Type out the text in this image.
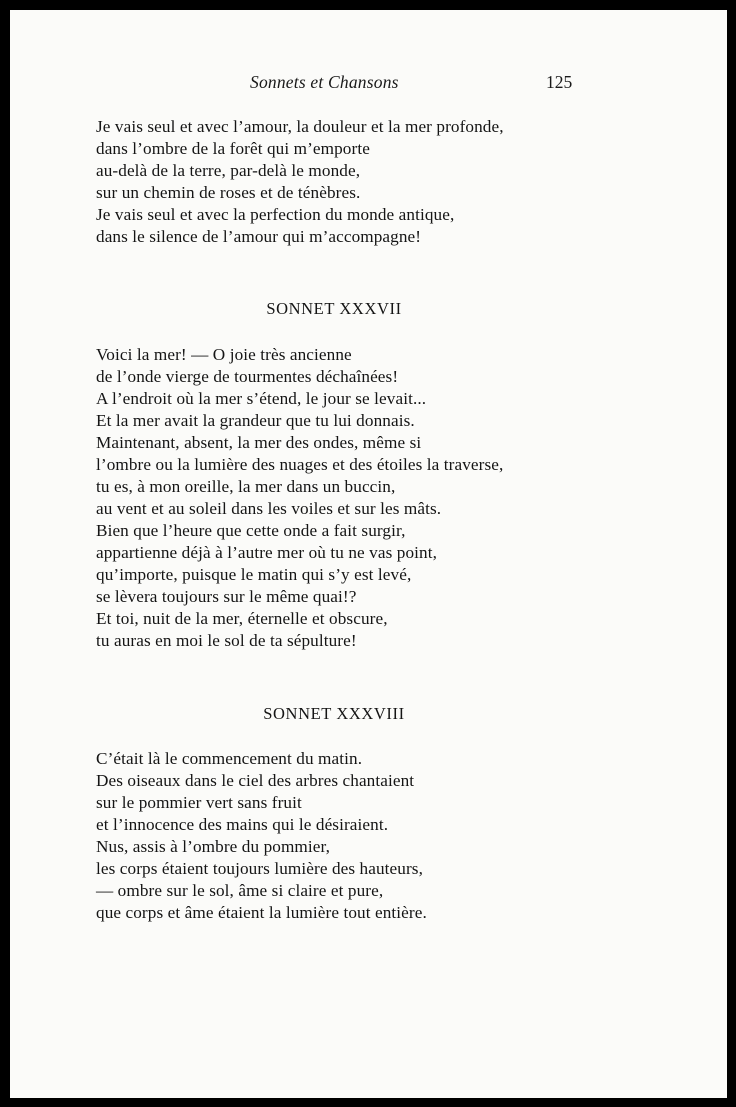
Sonnets et Chansons	125
Je vais seul et avec l’amour, la douleur et la mer profonde,
dans l’ombre de la forêt qui m’emporte
au-delà de la terre, par-delà le monde,
sur un chemin de roses et de ténèbres.
Je vais seul et avec la perfection du monde antique,
dans le silence de l’amour qui m’accompagne!
SONNET XXXVII
Voici la mer! — O joie très ancienne
de l’onde vierge de tourmentes déchaînées!
A l’endroit où la mer s’étend, le jour se levait...
Et la mer avait la grandeur que tu lui donnais.
Maintenant, absent, la mer des ondes, même si
l’ombre ou la lumière des nuages et des étoiles la traverse,
tu es, à mon oreille, la mer dans un buccin,
au vent et au soleil dans les voiles et sur les mâts.
Bien que l’heure que cette onde a fait surgir,
appartienne déjà à l’autre mer où tu ne vas point,
qu’importe, puisque le matin qui s’y est levé,
se lèvera toujours sur le même quai!?
Et toi, nuit de la mer, éternelle et obscure,
tu auras en moi le sol de ta sépulture!
SONNET XXXVIII
C’était là le commencement du matin.
Des oiseaux dans le ciel des arbres chantaient
sur le pommier vert sans fruit
et l’innocence des mains qui le désiraient.
Nus, assis à l’ombre du pommier,
les corps étaient toujours lumière des hauteurs,
— ombre sur le sol, âme si claire et pure,
que corps et âme étaient la lumière tout entière.
